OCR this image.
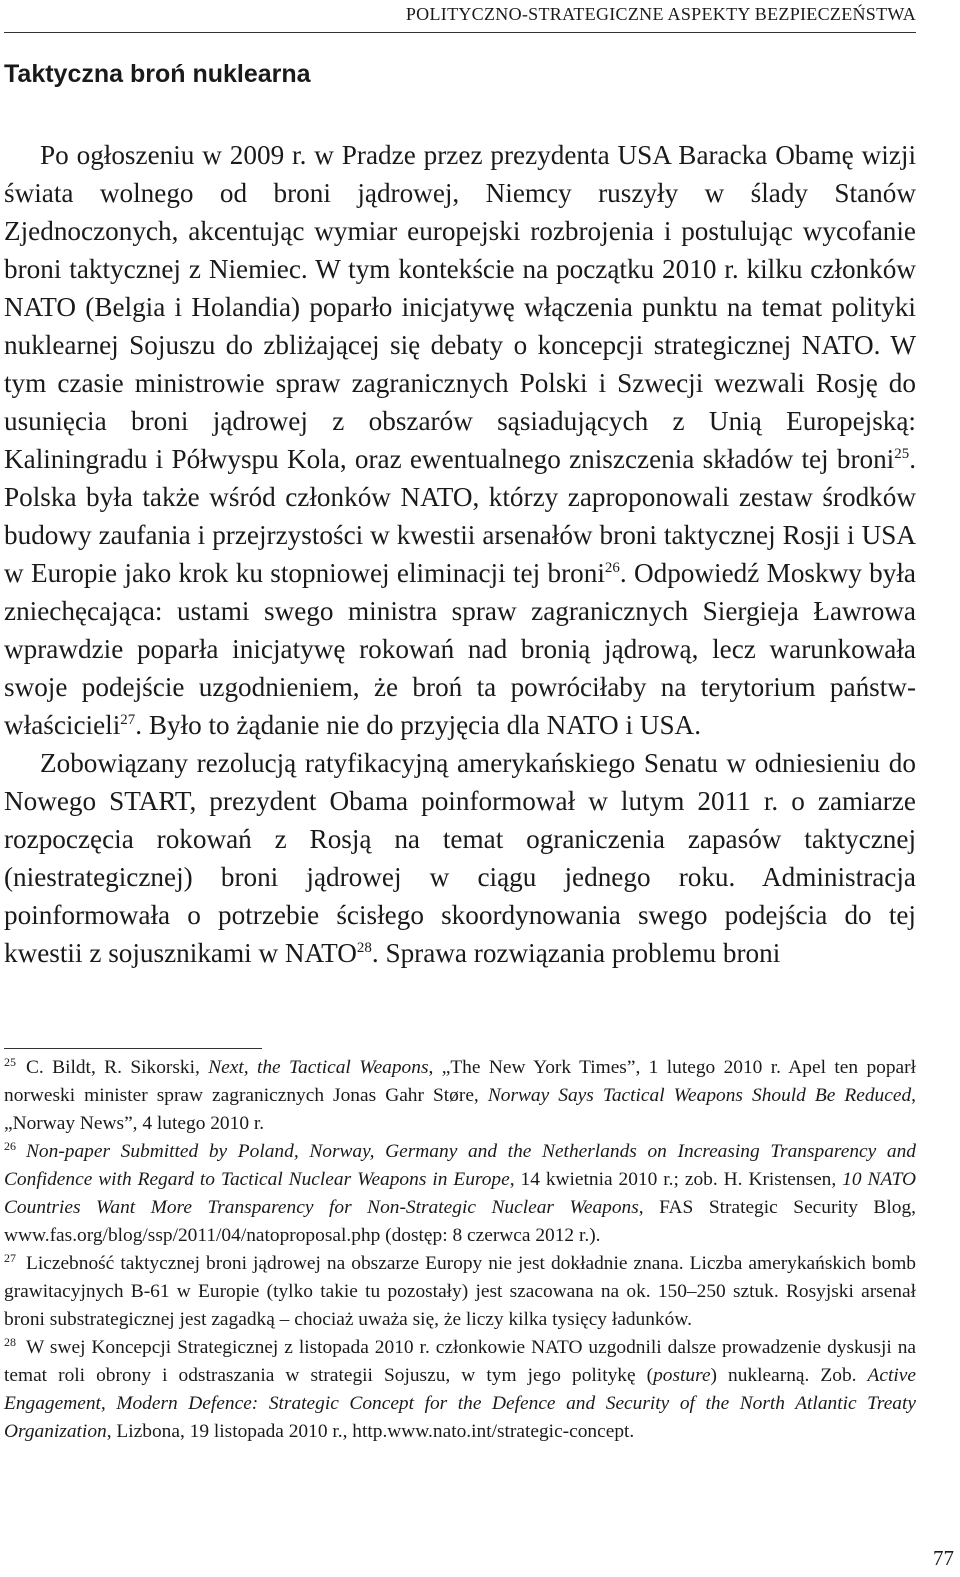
POLITYCZNO-STRATEGICZNE ASPEKTY BEZPIECZEŃSTWA
Taktyczna broń nuklearna

Po ogłoszeniu w 2009 r. w Pradze przez prezydenta USA Baracka Obamę wizji świata wolnego od broni jądrowej, Niemcy ruszyły w ślady Stanów Zjednoczonych, akcentując wymiar europejski rozbrojenia i postulując wycofanie broni taktycznej z Niemiec. W tym kontekście na początku 2010 r. kilku członków NATO (Belgia i Holandia) poparło inicjatywę włączenia punktu na temat polityki nuklearnej Sojuszu do zbliżającej się debaty o koncepcji strategicznej NATO. W tym czasie ministrowie spraw zagranicznych Polski i Szwecji wezwali Rosję do usunięcia broni jądrowej z obszarów sąsiadujących z Unią Europejską: Kaliningradu i Półwyspu Kola, oraz ewentualnego zniszczenia składów tej broni$^{25}$. Polska była także wśród członków NATO, którzy zaproponowali zestaw środków budowy zaufania i przejrzystości w kwestii arsenałów broni taktycznej Rosji i USA w Europie jako krok ku stopniowej eliminacji tej broni$^{26}$. Odpowiedź Moskwy była zniechęcająca: ustami swego ministra spraw zagranicznych Siergieja Ławrowa wprawdzie poparła inicjatywę rokowań nad bronią jądrową, lecz warunkowała swoje podejście uzgodnieniem, że broń ta powróciłaby na terytorium państw-właścicieli$^{27}$. Było to żądanie nie do przyjęcia dla NATO i USA.

Zobowiązany rezolucją ratyfikacyjną amerykańskiego Senatu w odniesieniu do Nowego START, prezydent Obama poinformował w lutym 2011 r. o zamiarze rozpoczęcia rokowań z Rosją na temat ograniczenia zapasów taktycznej (niestrategicznej) broni jądrowej w ciągu jednego roku. Administracja poinformowała o potrzebie ścisłego skoordynowania swego podejścia do tej kwestii z sojusznikami w NATO$^{28}$. Sprawa rozwiązania problemu broni

$^{25}$ C. Bildt, R. Sikorski, Next, the Tactical Weapons, „The New York Times”, 1 lutego 2010 r. Apel ten poparł norweski minister spraw zagranicznych Jonas Gahr Støre, Norway Says Tactical Weapons Should Be Reduced, „Norway News”, 4 lutego 2010 r.

$^{26}$ Non-paper Submitted by Poland, Norway, Germany and the Netherlands on Increasing Transparency and Confidence with Regard to Tactical Nuclear Weapons in Europe, 14 kwietnia 2010 r.; zob. H. Kristensen, 10 NATO Countries Want More Transparency for Non-Strategic Nuclear Weapons, FAS Strategic Security Blog, www.fas.org/blog/ssp/2011/04/natoproposal.php (dostęp: 8 czerwca 2012 r.).

$^{27}$ Liczebność taktycznej broni jądrowej na obszarze Europy nie jest dokładnie znana. Liczba amerykańskich bomb grawitacyjnych B-61 w Europie (tylko takie tu pozostały) jest szacowana na ok. 150–250 sztuk. Rosyjski arsenał broni substrategicznej jest zagadką – chociaż uważa się, że liczy kilka tysięcy ładunków.

$^{28}$ W swej Koncepcji Strategicznej z listopada 2010 r. członkowie NATO uzgodnili dalsze prowadzenie dyskusji na temat roli obrony i odstraszania w strategii Sojuszu, w tym jego politykę (posture) nuklearną. Zob. Active Engagement, Modern Defence: Strategic Concept for the Defence and Security of the North Atlantic Treaty Organization, Lizbona, 19 listopada 2010 r., http.www.nato.int/strategic-concept.

77
